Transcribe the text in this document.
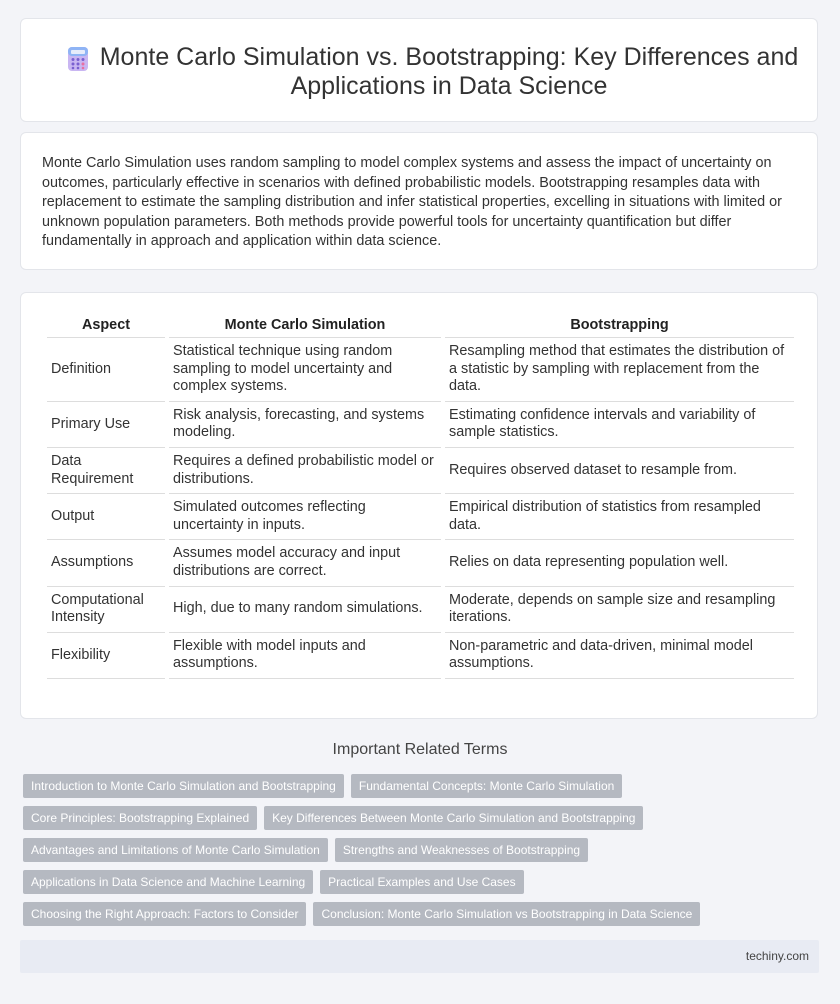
Monte Carlo Simulation vs. Bootstrapping: Key Differences and Applications in Data Science

Monte Carlo Simulation uses random sampling to model complex systems and assess the impact of uncertainty on outcomes, particularly effective in scenarios with defined probabilistic models. Bootstrapping resamples data with replacement to estimate the sampling distribution and infer statistical properties, excelling in situations with limited or unknown population parameters. Both methods provide powerful tools for uncertainty quantification but differ fundamentally in approach and application within data science.

Aspect	Monte Carlo Simulation	Bootstrapping
Definition	Statistical technique using random sampling to model uncertainty and complex systems.	Resampling method that estimates the distribution of a statistic by sampling with replacement from the data.
Primary Use	Risk analysis, forecasting, and systems modeling.	Estimating confidence intervals and variability of sample statistics.
Data Requirement	Requires a defined probabilistic model or distributions.	Requires observed dataset to resample from.
Output	Simulated outcomes reflecting uncertainty in inputs.	Empirical distribution of statistics from resampled data.
Assumptions	Assumes model accuracy and input distributions are correct.	Relies on data representing population well.
Computational Intensity	High, due to many random simulations.	Moderate, depends on sample size and resampling iterations.
Flexibility	Flexible with model inputs and assumptions.	Non-parametric and data-driven, minimal model assumptions.
Important Related Terms
Introduction to Monte Carlo Simulation and Bootstrapping	Fundamental Concepts: Monte Carlo Simulation
Core Principles: Bootstrapping Explained	Key Differences Between Monte Carlo Simulation and Bootstrapping
Advantages and Limitations of Monte Carlo Simulation	Strengths and Weaknesses of Bootstrapping
Applications in Data Science and Machine Learning	Practical Examples and Use Cases
Choosing the Right Approach: Factors to Consider	Conclusion: Monte Carlo Simulation vs Bootstrapping in Data Science
techiny.com
